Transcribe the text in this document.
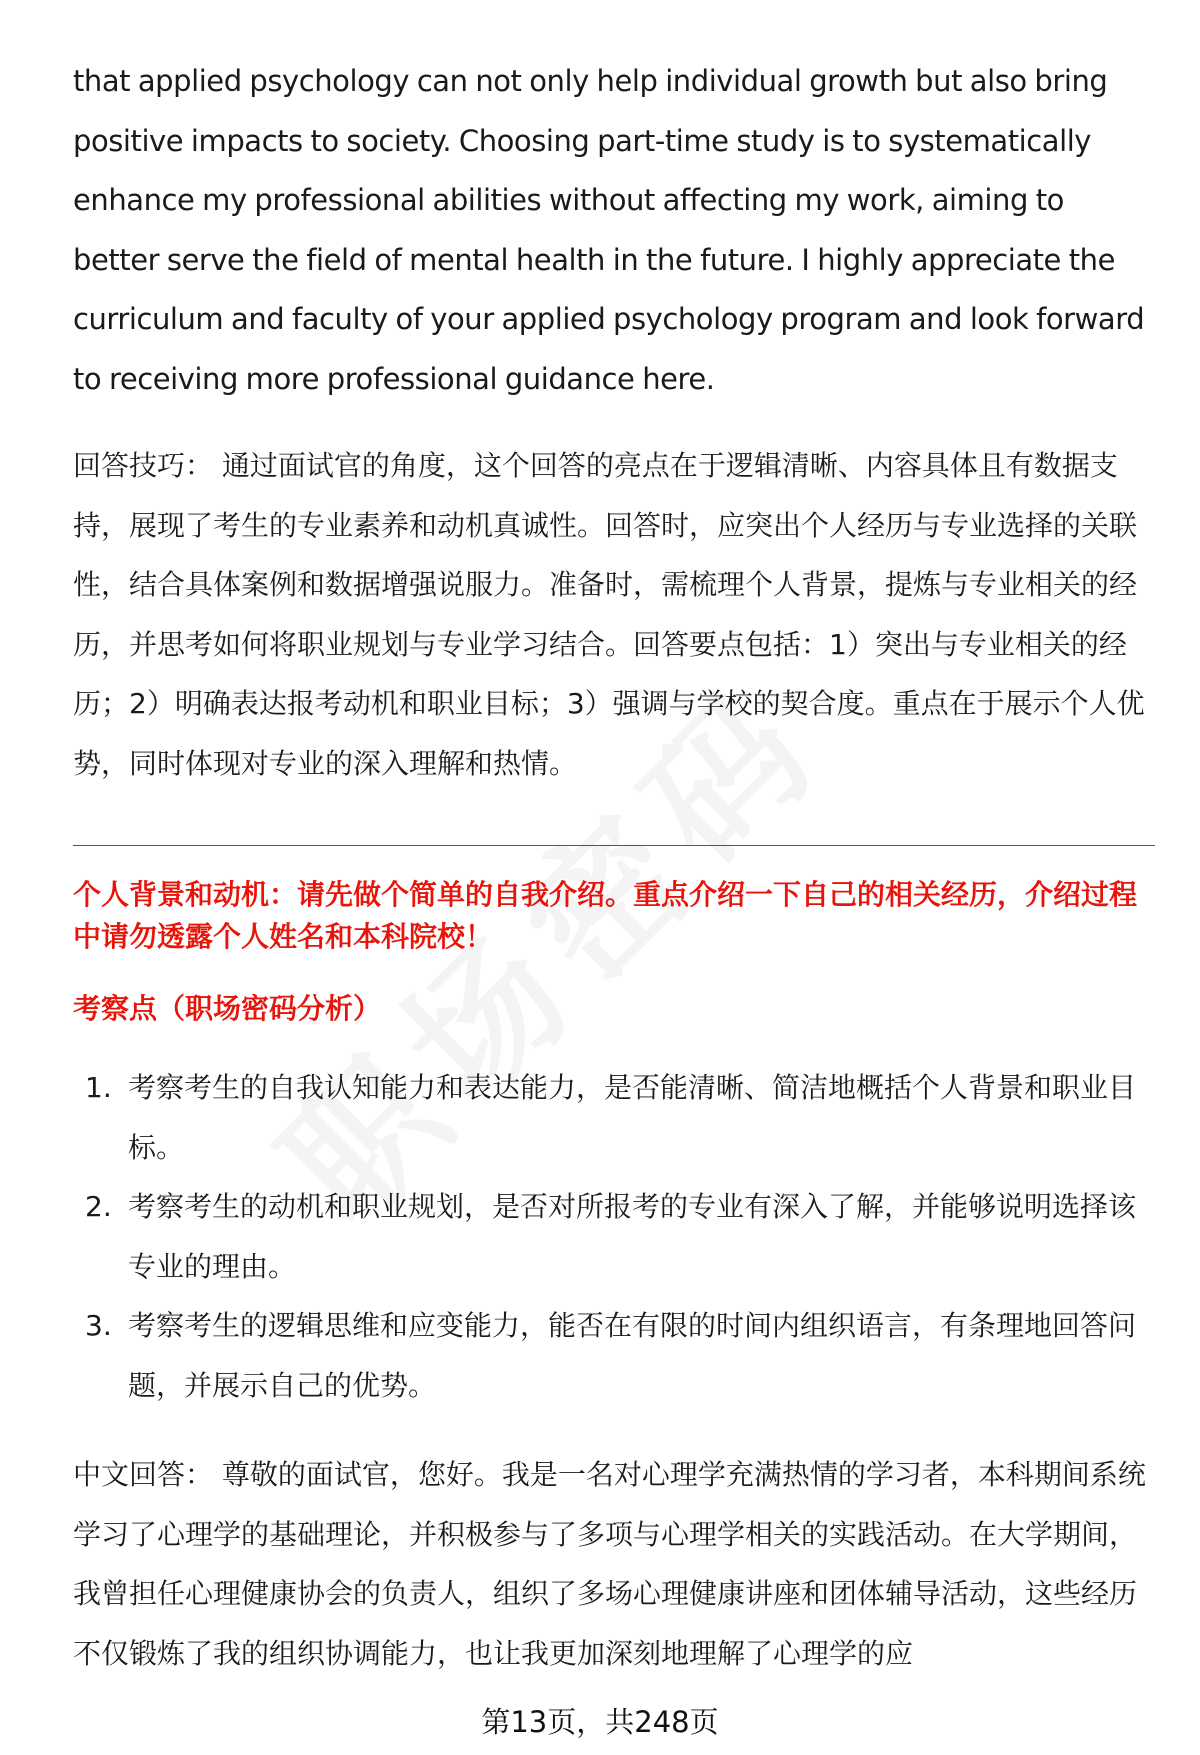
that applied psychology can not only help individual growth but also bring positive impacts to society. Choosing part-time study is to systematically enhance my professional abilities without affecting my work, aiming to better serve the field of mental health in the future. I highly appreciate the curriculum and faculty of your applied psychology program and look forward to receiving more professional guidance here.

回答技巧： 通过面试官的角度，这个回答的亮点在于逻辑清晰、内容具体且有数据支持，展现了考生的专业素养和动机真诚性。回答时，应突出个人经历与专业选择的关联性，结合具体案例和数据增强说服力。准备时，需梳理个人背景，提炼与专业相关的经历，并思考如何将职业规划与专业学习结合。回答要点包括：1）突出与专业相关的经历；2）明确表达报考动机和职业目标；3）强调与学校的契合度。重点在于展示个人优势，同时体现对专业的深入理解和热情。

个人背景和动机：请先做个简单的自我介绍。重点介绍一下自己的相关经历，介绍过程中请勿透露个人姓名和本科院校！

考察点（职场密码分析）

1. 考察考生的自我认知能力和表达能力，是否能清晰、简洁地概括个人背景和职业目标。
2. 考察考生的动机和职业规划，是否对所报考的专业有深入了解，并能够说明选择该专业的理由。
3. 考察考生的逻辑思维和应变能力，能否在有限的时间内组织语言，有条理地回答问题，并展示自己的优势。

中文回答： 尊敬的面试官，您好。我是一名对心理学充满热情的学习者，本科期间系统学习了心理学的基础理论，并积极参与了多项与心理学相关的实践活动。在大学期间，我曾担任心理健康协会的负责人，组织了多场心理健康讲座和团体辅导活动，这些经历不仅锻炼了我的组织协调能力，也让我更加深刻地理解了心理学的应

第13页，共248页
